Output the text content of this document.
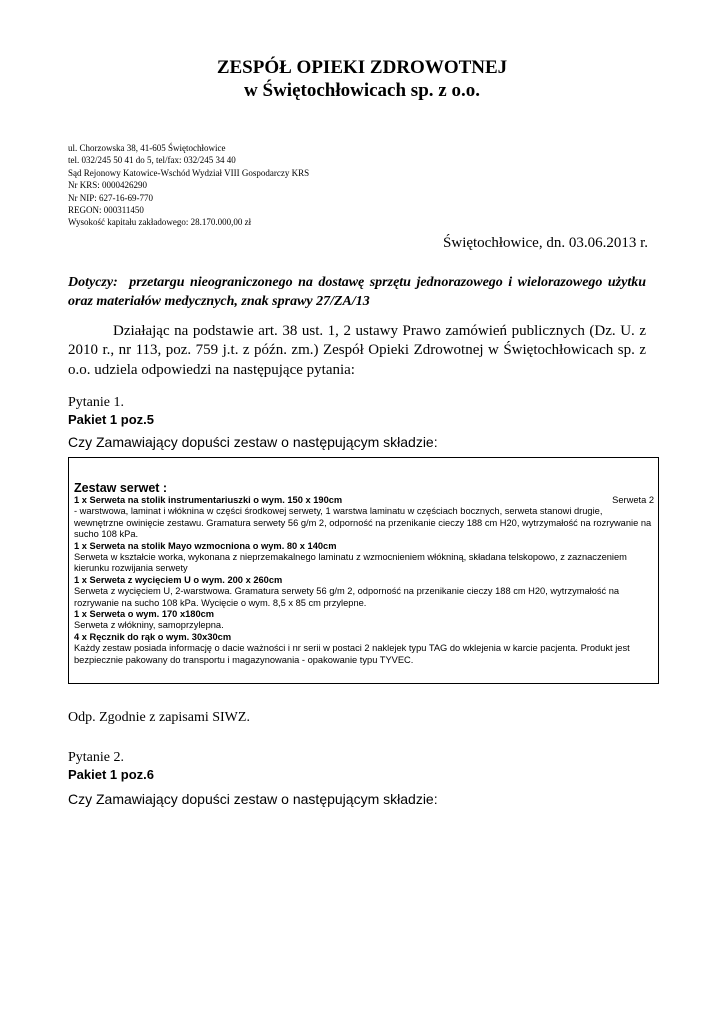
ZESPÓŁ OPIEKI ZDROWOTNEJ
w Świętochłowicach sp. z o.o.
ul. Chorzowska 38, 41-605 Świętochłowice
tel. 032/245 50 41 do 5, tel/fax: 032/245 34 40
Sąd Rejonowy Katowice-Wschód Wydział VIII Gospodarczy KRS
Nr KRS: 0000426290
Nr NIP: 627-16-69-770
REGON: 000311450
Wysokość kapitału zakładowego: 28.170.000,00 zł
Świętochłowice, dn. 03.06.2013 r.
Dotyczy: przetargu nieograniczonego na dostawę sprzętu jednorazowego i wielorazowego użytku oraz materiałów medycznych, znak sprawy 27/ZA/13
Działając na podstawie art. 38 ust. 1, 2 ustawy Prawo zamówień publicznych (Dz. U. z 2010 r., nr 113, poz. 759 j.t. z późn. zm.) Zespół Opieki Zdrowotnej w Świętochłowicach sp. z o.o. udziela odpowiedzi na następujące pytania:
Pytanie 1.
Pakiet 1 poz.5
Czy Zamawiający dopuści zestaw o następującym składzie:
Zestaw serwet :
1 x Serweta na stolik instrumentariuszki o wym. 150 x 190cm	Serweta 2
- warstwowa, laminat i włóknina w części środkowej serwety, 1 warstwa laminatu w częściach bocznych, serweta stanowi drugie, wewnętrzne owinięcie zestawu. Gramatura serwety 56 g/m 2, odporność na przenikanie cieczy 188 cm H20, wytrzymałość na rozrywanie na sucho 108 kPa.
1 x Serweta na stolik Mayo wzmocniona o wym. 80 x 140cm
Serweta w kształcie worka, wykonana z nieprzemakalnego laminatu z wzmocnieniem włókniną, składana telskopowo, z zaznaczeniem kierunku rozwijania serwety
1 x Serweta z wycięciem U o wym. 200 x 260cm
Serweta z wycięciem U, 2-warstwowa. Gramatura serwety 56 g/m 2, odporność na przenikanie cieczy 188 cm H20, wytrzymałość na rozrywanie na sucho 108 kPa. Wycięcie o wym. 8,5 x 85 cm przylepne.
1 x Serweta o wym. 170 x180cm
Serweta z włókniny, samoprzylepna.
4 x Ręcznik do rąk o wym. 30x30cm
Każdy zestaw posiada informację o dacie ważności i nr serii w postaci 2 naklejek typu TAG do wklejenia w karcie pacjenta. Produkt jest bezpiecznie pakowany do transportu i magazynowania - opakowanie typu TYVEC.
Odp. Zgodnie z zapisami SIWZ.
Pytanie 2.
Pakiet 1 poz.6
Czy Zamawiający dopuści zestaw o następującym składzie:
